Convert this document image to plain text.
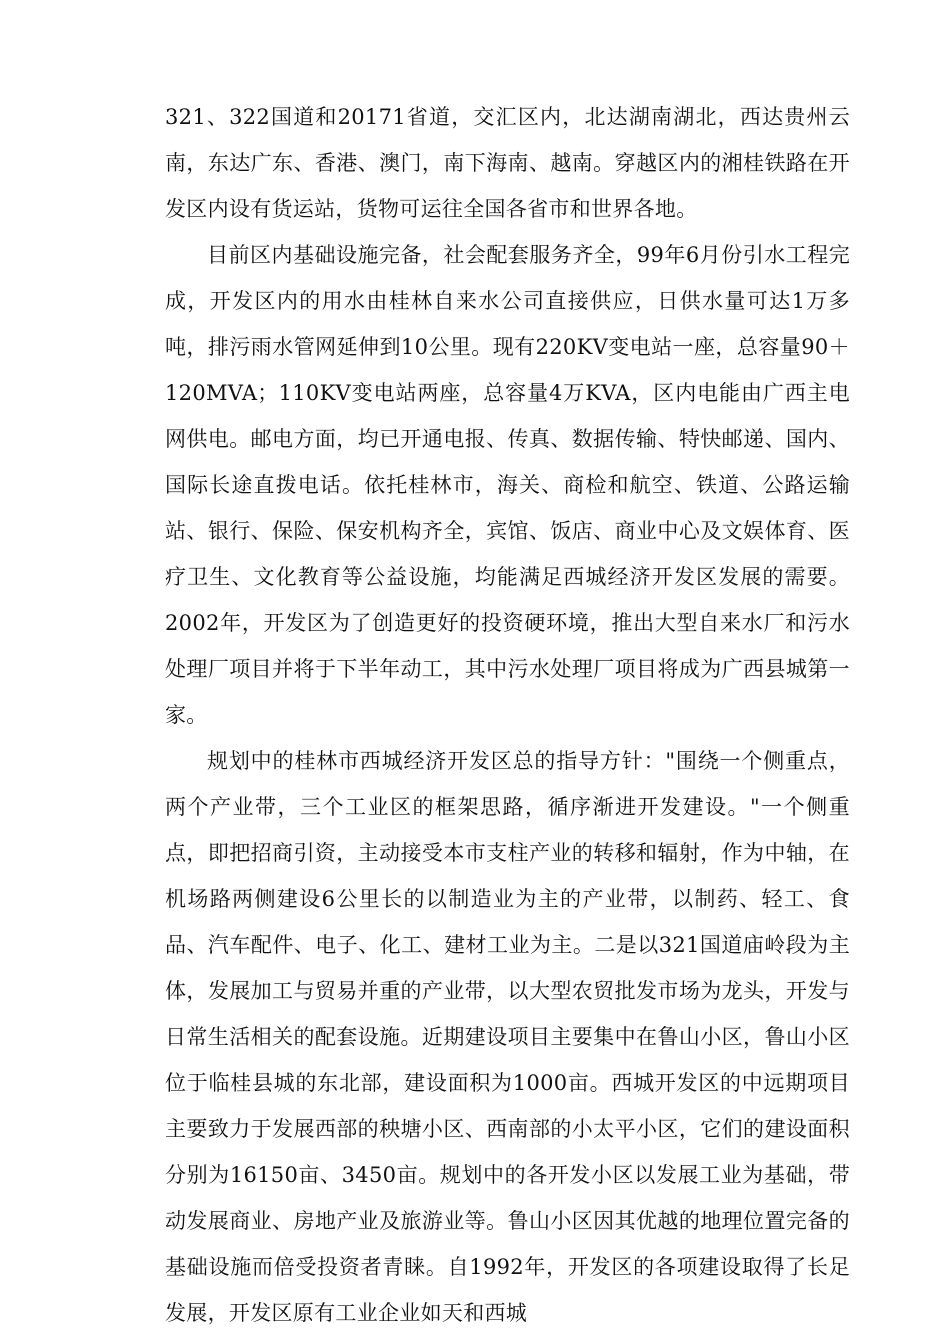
321、322国道和20171省道，交汇区内，北达湖南湖北，西达贵州云南，东达广东、香港、澳门，南下海南、越南。穿越区内的湘桂铁路在开发区内设有货运站，货物可运往全国各省市和世界各地。

目前区内基础设施完备，社会配套服务齐全，99年6月份引水工程完成，开发区内的用水由桂林自来水公司直接供应，日供水量可达1万多吨，排污雨水管网延伸到10公里。现有220KV变电站一座，总容量90＋120MVA；110KV变电站两座，总容量4万KVA，区内电能由广西主电网供电。邮电方面，均已开通电报、传真、数据传输、特快邮递、国内、国际长途直拨电话。依托桂林市，海关、商检和航空、铁道、公路运输站、银行、保险、保安机构齐全，宾馆、饭店、商业中心及文娱体育、医疗卫生、文化教育等公益设施，均能满足西城经济开发区发展的需要。2002年，开发区为了创造更好的投资硬环境，推出大型自来水厂和污水处理厂项目并将于下半年动工，其中污水处理厂项目将成为广西县城第一家。

规划中的桂林市西城经济开发区总的指导方针："围绕一个侧重点，两个产业带，三个工业区的框架思路，循序渐进开发建设。"一个侧重点，即把招商引资，主动接受本市支柱产业的转移和辐射，作为中轴，在机场路两侧建设6公里长的以制造业为主的产业带，以制药、轻工、食品、汽车配件、电子、化工、建材工业为主。二是以321国道庙岭段为主体，发展加工与贸易并重的产业带，以大型农贸批发市场为龙头，开发与日常生活相关的配套设施。近期建设项目主要集中在鲁山小区，鲁山小区位于临桂县城的东北部，建设面积为1000亩。西城开发区的中远期项目主要致力于发展西部的秧塘小区、西南部的小太平小区，它们的建设面积分别为16150亩、3450亩。规划中的各开发小区以发展工业为基础，带动发展商业、房地产业及旅游业等。鲁山小区因其优越的地理位置完备的基础设施而倍受投资者青睐。自1992年，开发区的各项建设取得了长足发展，开发区原有工业企业如天和西城
